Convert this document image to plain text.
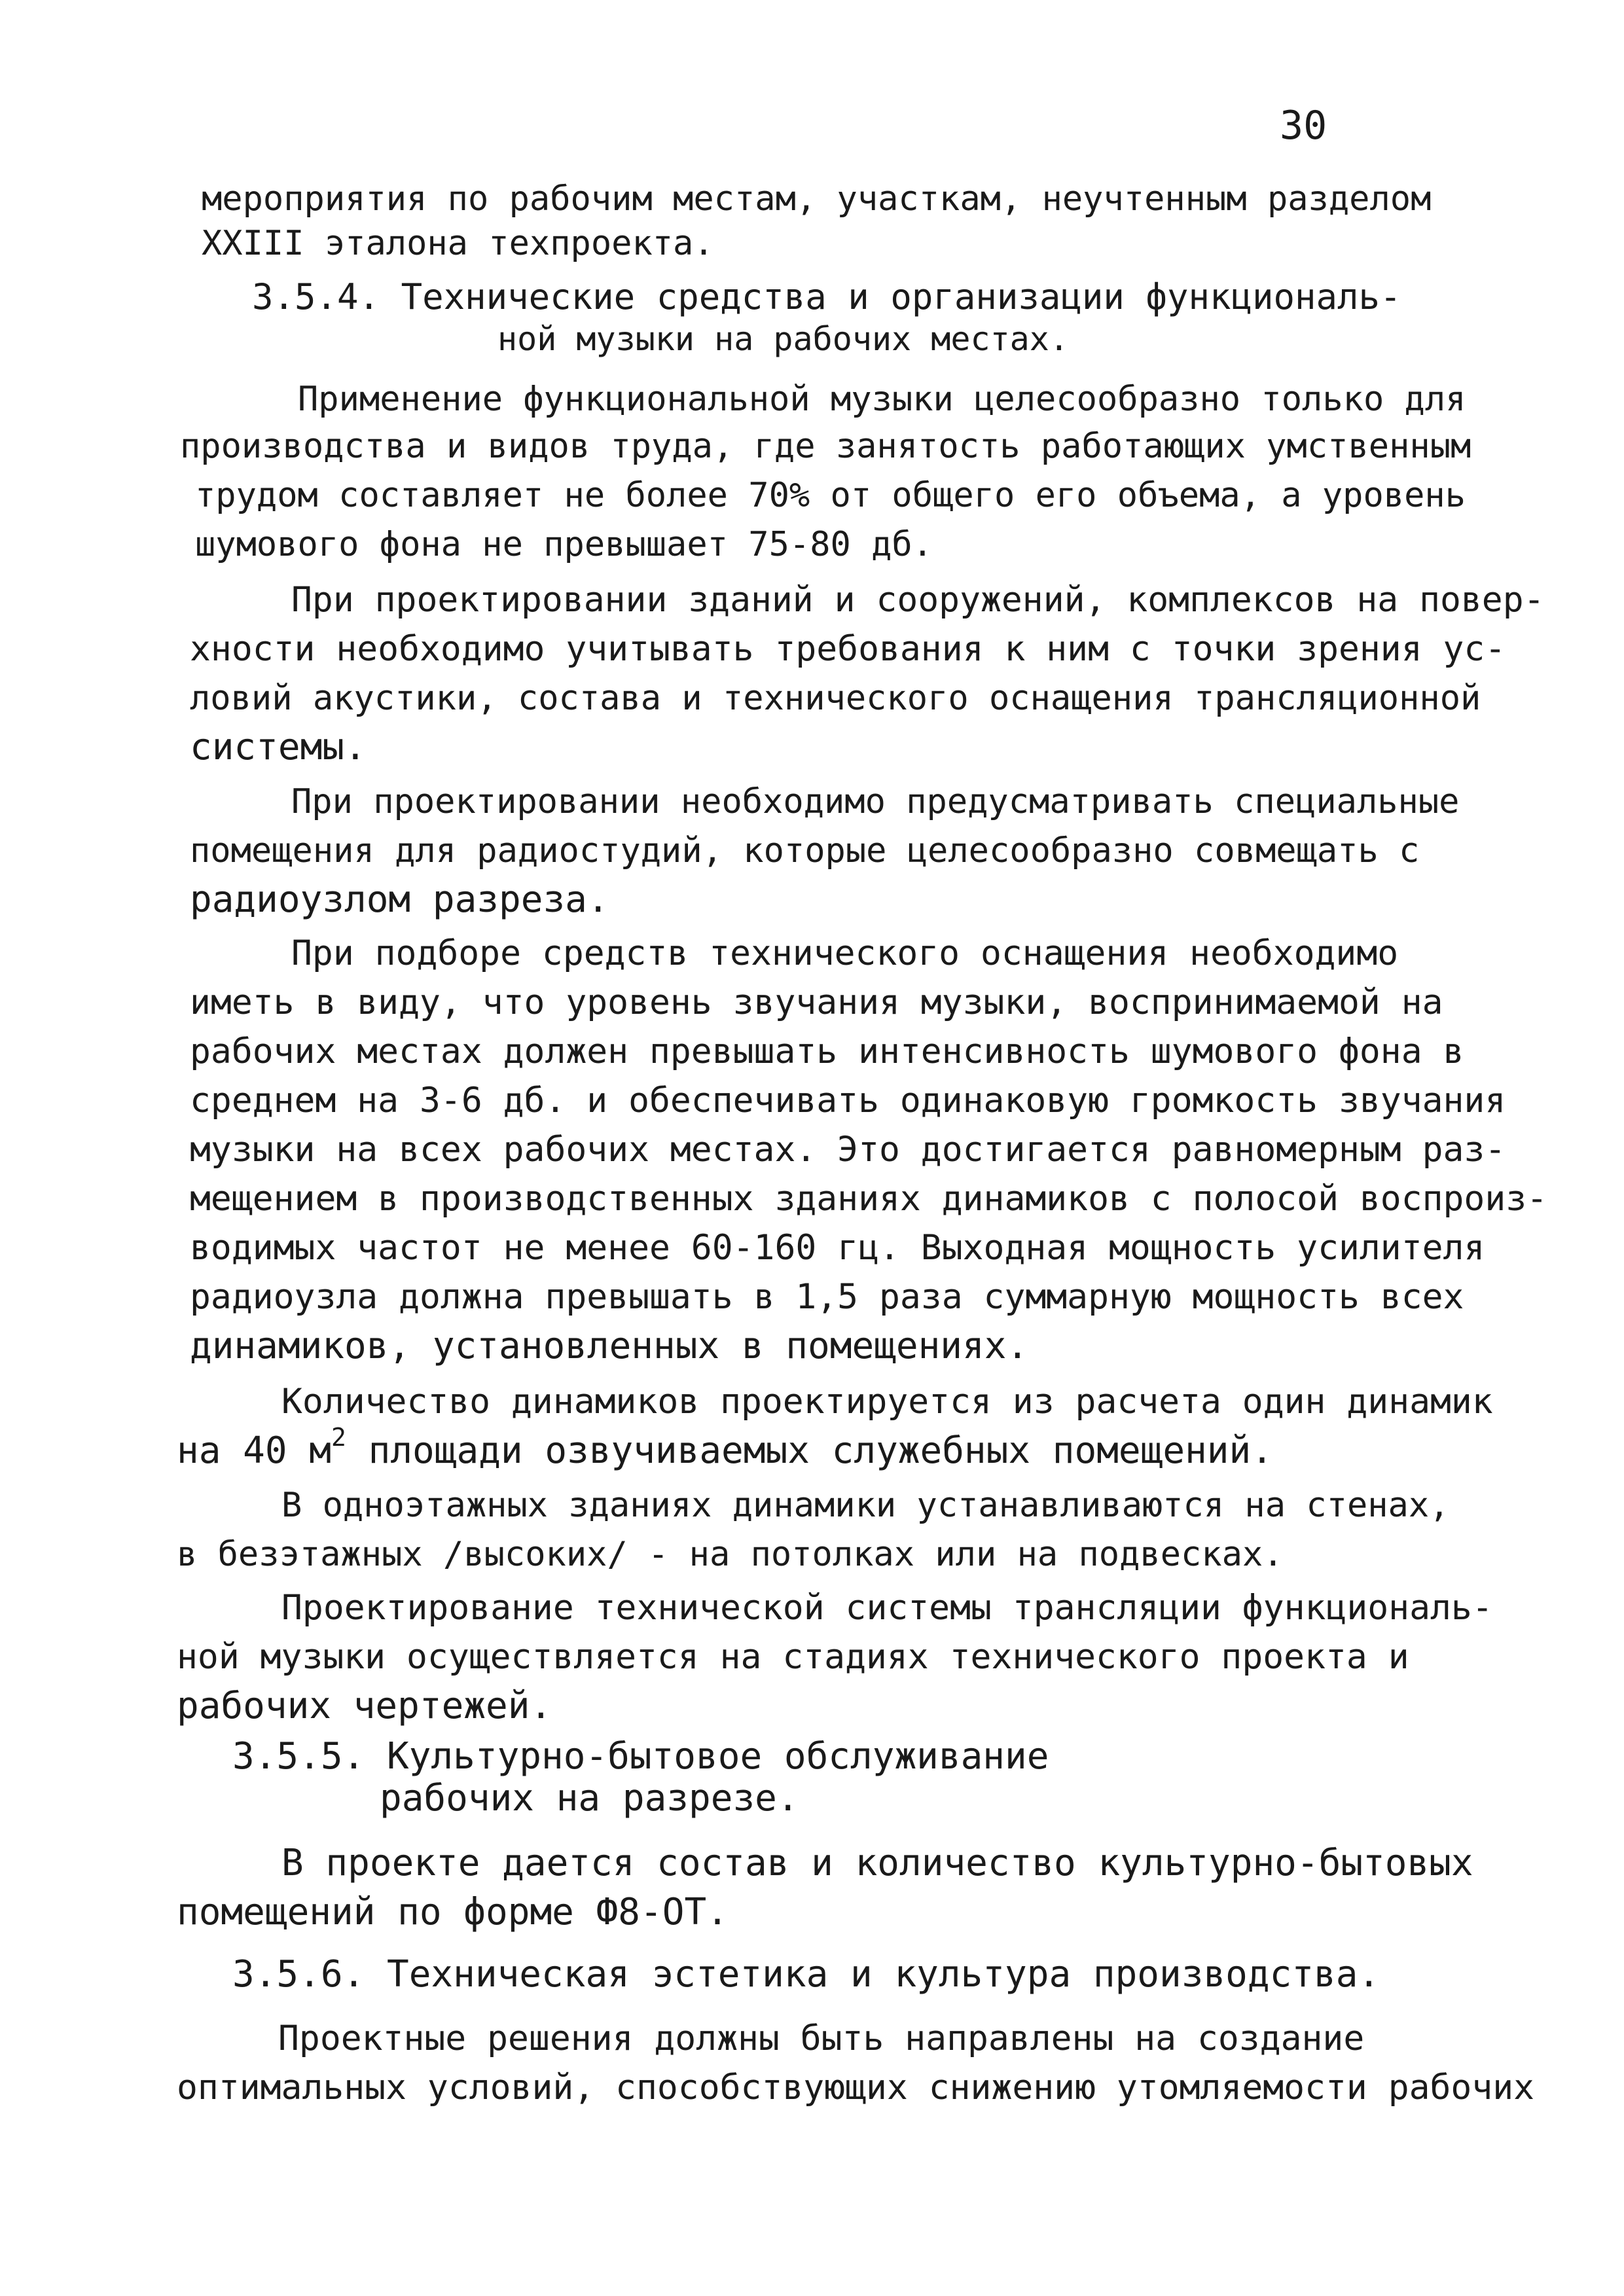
30
мероприятия по рабочим местам, участкам, неучтенным разделом
XXIII эталона техпроекта.
3.5.4. Технические средства и организации функциональ-
ной музыки на рабочих местах.
Применение функциональной музыки целесообразно только для
производства и видов труда, где занятость работающих умственным
трудом составляет не более 70% от общего его объема, а уровень
шумового фона не превышает 75-80 дб.
При проектировании зданий и сооружений, комплексов на повер-
хности необходимо учитывать требования к ним с точки зрения ус-
ловий акустики, состава и технического оснащения трансляционной
системы.
При проектировании необходимо предусматривать специальные
помещения для радиостудий, которые целесообразно совмещать с
радиоузлом разреза.
При подборе средств технического оснащения необходимо
иметь в виду, что уровень звучания музыки, воспринимаемой на
рабочих местах должен превышать интенсивность шумового фона в
среднем на 3-6 дб. и обеспечивать одинаковую громкость звучания
музыки на всех рабочих местах. Это достигается равномерным раз-
мещением в производственных зданиях динамиков с полосой воспроиз-
водимых частот не менее 60-160 гц. Выходная мощность усилителя
радиоузла должна превышать в 1,5 раза суммарную мощность всех
динамиков, установленных в помещениях.
Количество динамиков проектируется из расчета один динамик
на 40 $м^2$ площади озвучиваемых служебных помещений.
В одноэтажных зданиях динамики устанавливаются на стенах,
в безэтажных /высоких/ - на потолках или на подвесках.
Проектирование технической системы трансляции функциональ-
ной музыки осуществляется на стадиях технического проекта и
рабочих чертежей.
3.5.5. Культурно-бытовое обслуживание
рабочих на разрезе.
В проекте дается состав и количество культурно-бытовых
помещений по форме Ф8-ОТ.
3.5.6. Техническая эстетика и культура производства.
Проектные решения должны быть направлены на создание
оптимальных условий, способствующих снижению утомляемости рабочих
